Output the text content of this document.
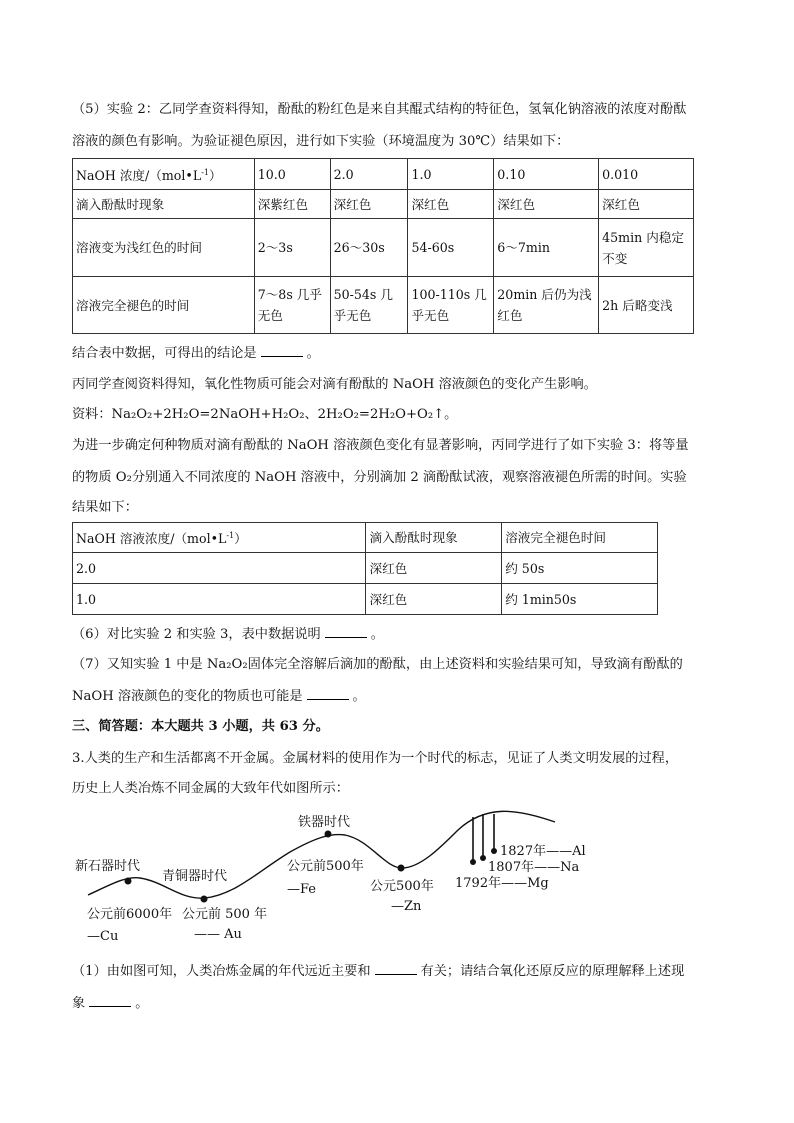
（5）实验 2：乙同学查资料得知，酚酞的粉红色是来自其醌式结构的特征色，氢氧化钠溶液的浓度对酚酞
溶液的颜色有影响。为验证褪色原因，进行如下实验（环境温度为 30℃）结果如下：
NaOH 浓度$/(mol•L^{-1})$	10.0	2.0	1.0	0.10	0.010
滴入酚酞时现象	深紫红色	深红色	深红色	深红色	深红色
溶液变为浅红色的时间	2～3s	26～30s	54-60s	6～7min	45min 内稳定不变
溶液完全褪色的时间	7～8s 几乎无色	50-54s 几乎无色	100-110s 几乎无色	20min 后仍为浅红色	2h 后略变浅
结合表中数据，可得出的结论是	。
丙同学查阅资料得知，氧化性物质可能会对滴有酚酞的 NaOH 溶液颜色的变化产生影响。
资料：Na₂O₂+2H₂O=2NaOH+H₂O₂、2H₂O₂=2H₂O+O₂↑。
为进一步确定何种物质对滴有酚酞的 NaOH 溶液颜色变化有显著影响，丙同学进行了如下实验 3：将等量
的物质 O₂分别通入不同浓度的 NaOH 溶液中，分别滴加 2 滴酚酞试液，观察溶液褪色所需的时间。实验
结果如下：
NaOH 溶液浓度$/(mol•L^{-1})$	滴入酚酞时现象	溶液完全褪色时间
2.0	深红色	约 50s
1.0	深红色	约 1min50s
（6）对比实验 2 和实验 3，表中数据说明	。
（7）又知实验 1 中是 Na₂O₂固体完全溶解后滴加的酚酞，由上述资料和实验结果可知，导致滴有酚酞的
NaOH 溶液颜色的变化的物质也可能是	。
三、简答题：本大题共 3 小题，共 63 分。
3.人类的生产和生活都离不开金属。金属材料的使用作为一个时代的标志，见证了人类文明发展的过程，
历史上人类冶炼不同金属的大致年代如图所示：
新石器时代
青铜器时代
铁器时代
公元前6000年
—Cu
公元前 500 年
—— Au
公元前500年
—Fe	公元500年
—Zn
1827年——Al
1807年——Na
1792年——Mg
（1）由如图可知，人类冶炼金属的年代远近主要和	有关；请结合氧化还原反应的原理解释上述现
象	。
